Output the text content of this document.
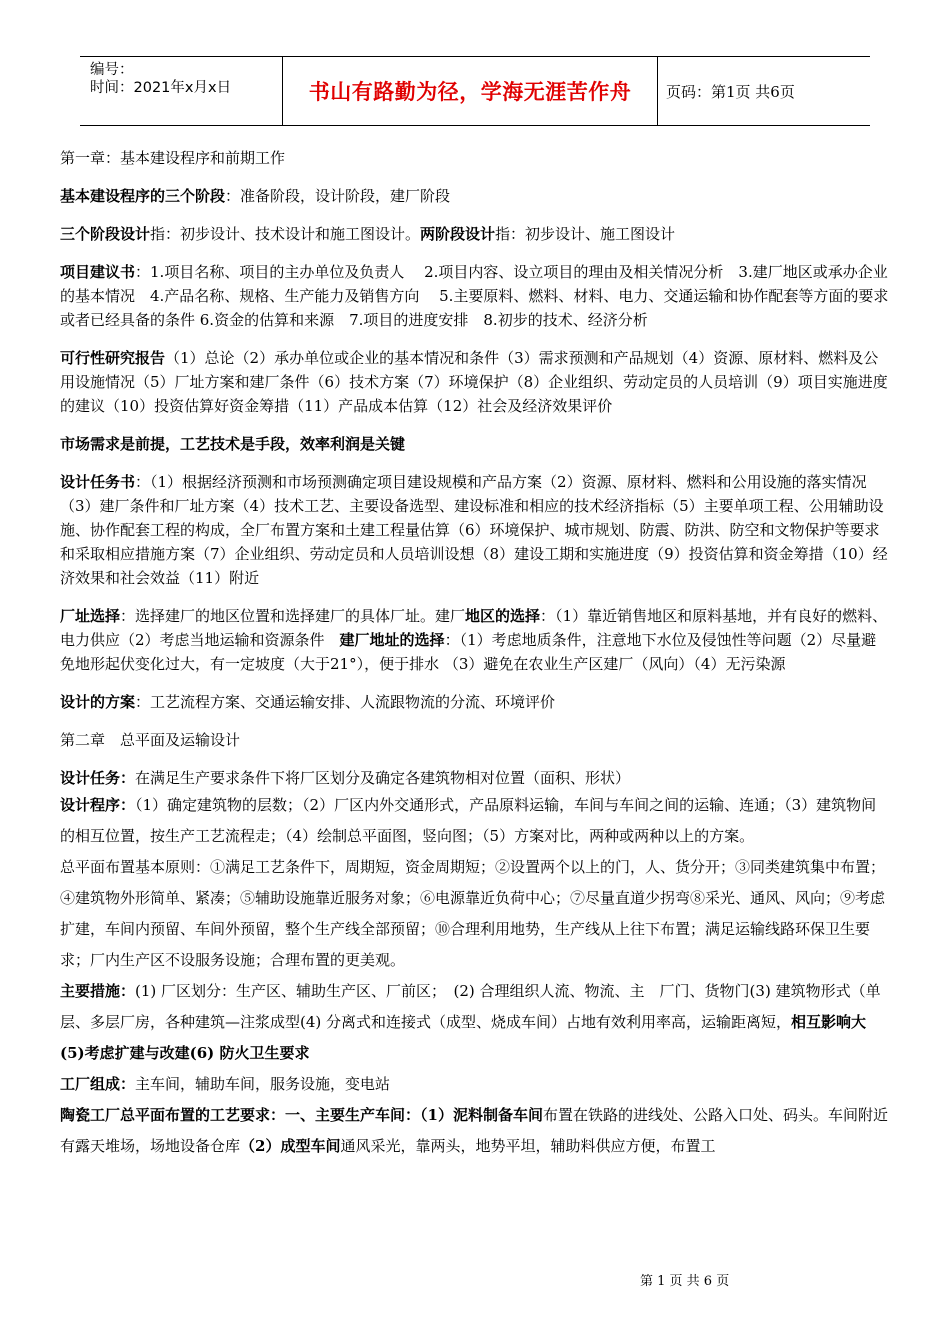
编号：
时间：2021年x月x日	书山有路勤为径，学海无涯苦作舟	页码：第1页 共6页

第一章：基本建设程序和前期工作

基本建设程序的三个阶段：准备阶段，设计阶段，建厂阶段

三个阶段设计指：初步设计、技术设计和施工图设计。两阶段设计指：初步设计、施工图设计

项目建议书：1.项目名称、项目的主办单位及负责人　 2.项目内容、设立项目的理由及相关情况分析　3.建厂地区或承办企业的基本情况　4.产品名称、规格、生产能力及销售方向　 5.主要原料、燃料、材料、电力、交通运输和协作配套等方面的要求或者已经具备的条件 6.资金的估算和来源　7.项目的进度安排　8.初步的技术、经济分析

可行性研究报告（1）总论（2）承办单位或企业的基本情况和条件（3）需求预测和产品规划（4）资源、原材料、燃料及公用设施情况（5）厂址方案和建厂条件（6）技术方案（7）环境保护（8）企业组织、劳动定员的人员培训（9）项目实施进度的建议（10）投资估算好资金筹措（11）产品成本估算（12）社会及经济效果评价

市场需求是前提，工艺技术是手段，效率利润是关键

设计任务书：（1）根据经济预测和市场预测确定项目建设规模和产品方案（2）资源、原材料、燃料和公用设施的落实情况（3）建厂条件和厂址方案（4）技术工艺、主要设备选型、建设标准和相应的技术经济指标（5）主要单项工程、公用辅助设施、协作配套工程的构成，全厂布置方案和土建工程量估算（6）环境保护、城市规划、防震、防洪、防空和文物保护等要求和采取相应措施方案（7）企业组织、劳动定员和人员培训设想（8）建设工期和实施进度（9）投资估算和资金筹措（10）经济效果和社会效益（11）附近

厂址选择：选择建厂的地区位置和选择建厂的具体厂址。建厂地区的选择：（1）靠近销售地区和原料基地，并有良好的燃料、电力供应（2）考虑当地运输和资源条件　建厂地址的选择：（1）考虑地质条件，注意地下水位及侵蚀性等问题（2）尽量避免地形起伏变化过大，有一定坡度（大于21°），便于排水 （3）避免在农业生产区建厂（风向）（4）无污染源

设计的方案：工艺流程方案、交通运输安排、人流跟物流的分流、环境评价

第二章　总平面及运输设计

设计任务：在满足生产要求条件下将厂区划分及确定各建筑物相对位置（面积、形状）

设计程序：（1）确定建筑物的层数；（2）厂区内外交通形式，产品原料运输，车间与车间之间的运输、连通；（3）建筑物间的相互位置，按生产工艺流程走；（4）绘制总平面图，竖向图；（5）方案对比，两种或两种以上的方案。

总平面布置基本原则：①满足工艺条件下，周期短，资金周期短；②设置两个以上的门，人、货分开；③同类建筑集中布置；④建筑物外形简单、紧凑；⑤辅助设施靠近服务对象；⑥电源靠近负荷中心；⑦尽量直道少拐弯⑧采光、通风、风向；⑨考虑扩建，车间内预留、车间外预留，整个生产线全部预留；⑩合理利用地势，生产线从上往下布置；满足运输线路环保卫生要求；厂内生产区不设服务设施；合理布置的更美观。

主要措施：(1) 厂区划分：生产区、辅助生产区、厂前区；　(2) 合理组织人流、物流、主　厂门、货物门(3) 建筑物形式（单层、多层厂房，各种建筑—注浆成型(4) 分离式和连接式（成型、烧成车间）占地有效利用率高，运输距离短，相互影响大(5)考虑扩建与改建(6) 防火卫生要求

工厂组成：主车间，辅助车间，服务设施，变电站

陶瓷工厂总平面布置的工艺要求：一、主要生产车间：（1）泥料制备车间布置在铁路的进线处、公路入口处、码头。车间附近有露天堆场，场地设备仓库（2）成型车间通风采光，靠两头，地势平坦，辅助料供应方便，布置工

第 1 页 共 6 页
